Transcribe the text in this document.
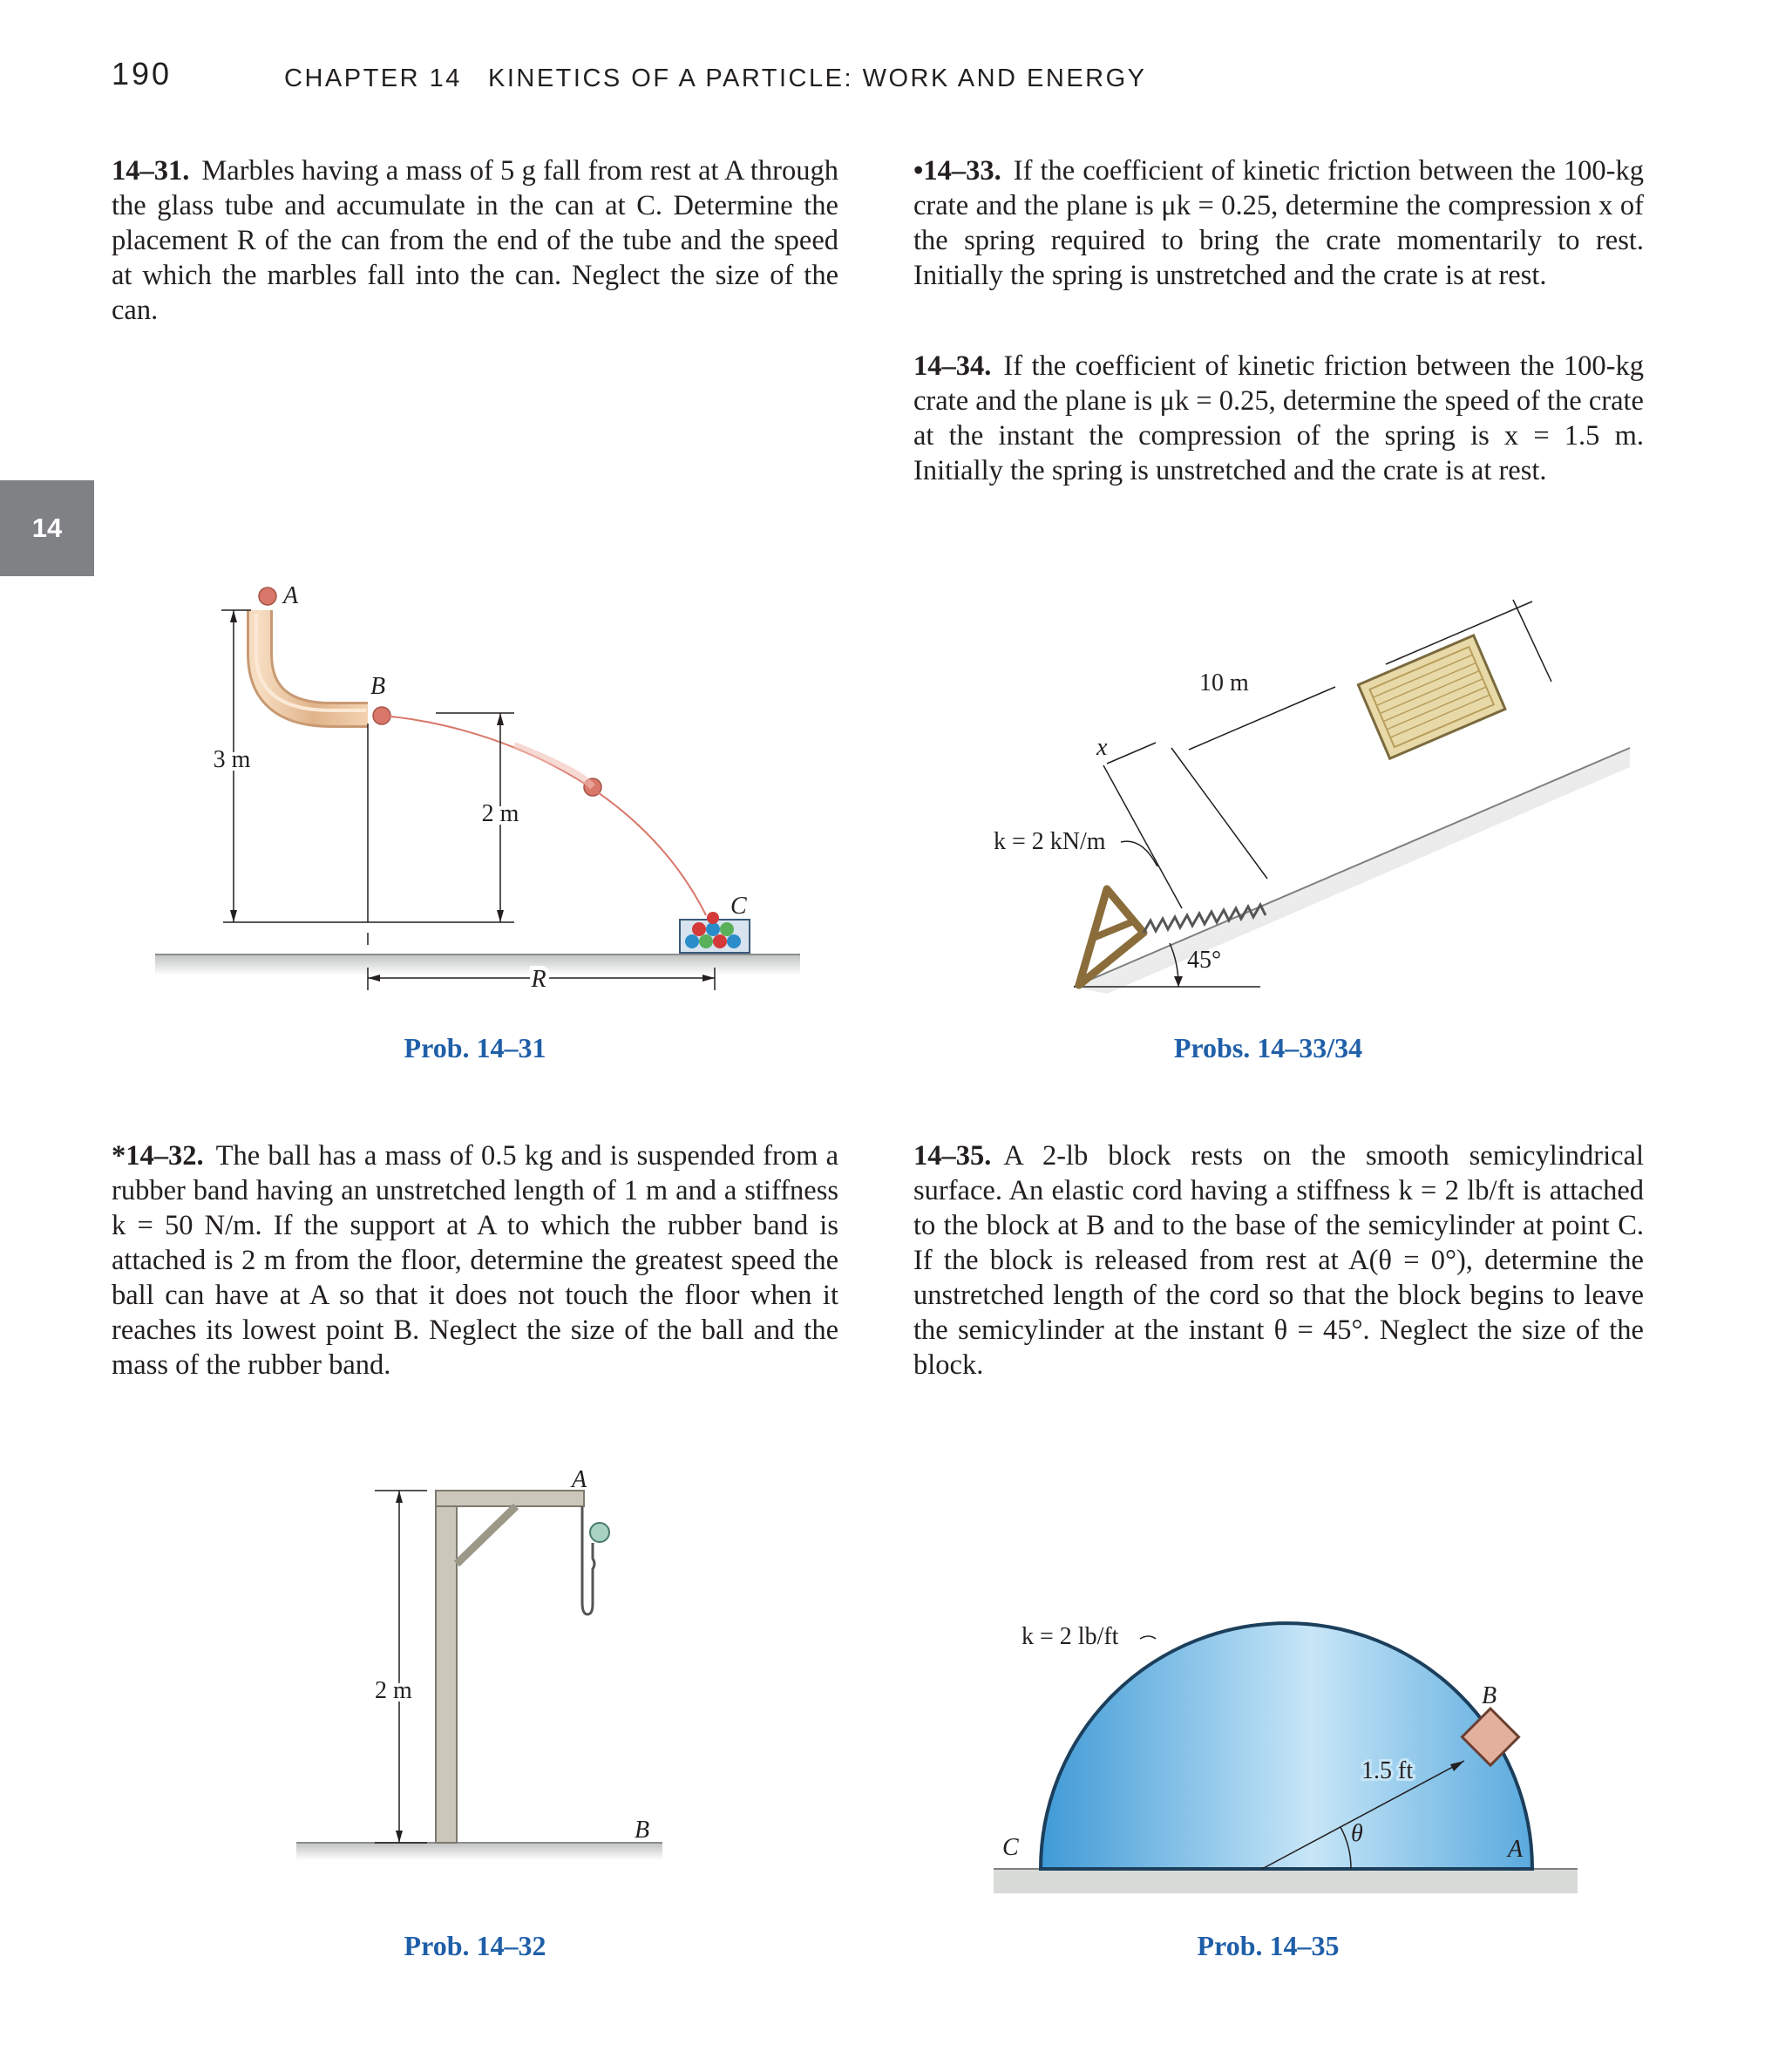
190	CHAPTER 14 KINETICS OF A PARTICLE: WORK AND ENERGY
14

14–31. Marbles having a mass of 5 g fall from rest at A through the glass tube and accumulate in the can at C. Determine the placement R of the can from the end of the tube and the speed at which the marbles fall into the can. Neglect the size of the can.

•14–33. If the coefficient of kinetic friction between the 100-kg crate and the plane is μk = 0.25, determine the compression x of the spring required to bring the crate momentarily to rest. Initially the spring is unstretched and the crate is at rest.

14–34. If the coefficient of kinetic friction between the 100-kg crate and the plane is μk = 0.25, determine the speed of the crate at the instant the compression of the spring is x = 1.5 m. Initially the spring is unstretched and the crate is at rest.

*14–32. The ball has a mass of 0.5 kg and is suspended from a rubber band having an unstretched length of 1 m and a stiffness k = 50 N/m. If the support at A to which the rubber band is attached is 2 m from the floor, determine the greatest speed the ball can have at A so that it does not touch the floor when it reaches its lowest point B. Neglect the size of the ball and the mass of the rubber band.

14–35. A 2-lb block rests on the smooth semicylindrical surface. An elastic cord having a stiffness k = 2 lb/ft is attached to the block at B and to the base of the semicylinder at point C. If the block is released from rest at A(θ = 0°), determine the unstretched length of the cord so that the block begins to leave the semicylinder at the instant θ = 45°. Neglect the size of the block.

3 m
2 m
R
A
B
C
Prob. 14–31
45°
10 m
x
k = 2 kN/m
Probs. 14–33/34
2 m
A
B
Prob. 14–32
1.5 ft
θ
C	A
B
k = 2 lb/ft
Prob. 14–35
